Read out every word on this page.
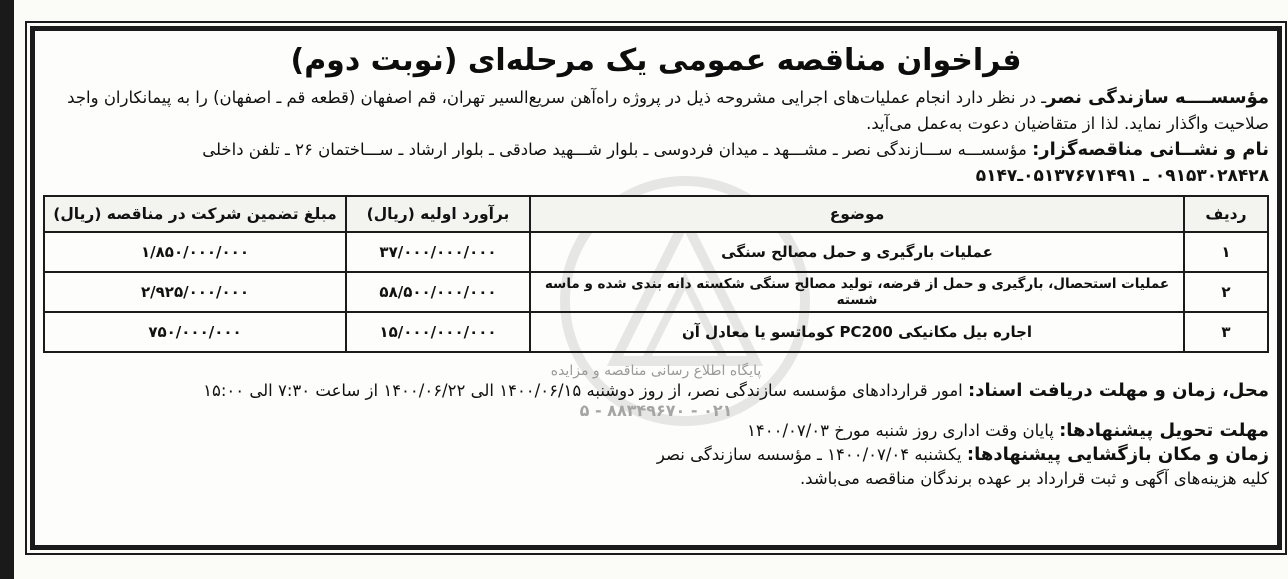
فراخوان مناقصه عمومی یک مرحله‌ای (نوبت دوم)

مؤسســــه سازندگی نصرـ در نظر دارد انجام عملیات‌های اجرایی مشروحه ذیل در پروژه راه‌آهن سریع‌السیر تهران، قم اصفهان (قطعه قم ـ اصفهان) را به پیمانکاران واجد صلاحیت واگذار نماید. لذا از متقاضیان دعوت به‌عمل می‌آید.

نام و نشــانی مناقصه‌گزار: مؤسســـه ســـازندگی نصر ـ مشـــهد ـ میدان فردوسی ـ بلوار شـــهید صادقی ـ بلوار ارشاد ـ ســـاختمان ۲۶ ـ تلفن داخلی

۰۹۱۵۳۰۲۸۴۲۸ ـ ۰۵۱۳۷۶۷۱۴۹۱ـ۵۱۴۷

ردیف	موضوع	برآورد اولیه (ریال)	مبلغ تضمین شرکت در مناقصه (ریال)
۱	عملیات بارگیری و حمل مصالح سنگی	۳۷/۰۰۰/۰۰۰/۰۰۰	۱/۸۵۰/۰۰۰/۰۰۰
۲	عملیات استحصال، بارگیری و حمل از قرضه، تولید مصالح سنگی شکسته دانه بندی شده و ماسه شسته	۵۸/۵۰۰/۰۰۰/۰۰۰	۲/۹۲۵/۰۰۰/۰۰۰
۳	اجاره بیل مکانیکی PC200 کوماتسو یا معادل آن	۱۵/۰۰۰/۰۰۰/۰۰۰	۷۵۰/۰۰۰/۰۰۰

پایگاه اطلاع رسانی مناقصه و مزایده
محل، زمان و مهلت دریافت اسناد: امور قراردادهای مؤسسه سازندگی نصر، از روز دوشنبه ۱۴۰۰/۰۶/۱۵ الی ۱۴۰۰/۰۶/۲۲ از ساعت ۷:۳۰ الی ۱۵:۰۰

۰۲۱ - ۸۸۳۴۹۶۷۰ - ۵

مهلت تحویل پیشنهادها: پایان وقت اداری روز شنبه مورخ ۱۴۰۰/۰۷/۰۳

زمان و مکان بازگشایی پیشنهادها: یکشنبه ۱۴۰۰/۰۷/۰۴ ـ مؤسسه سازندگی نصر

کلیه هزینه‌های آگهی و ثبت قرارداد بر عهده برندگان مناقصه می‌باشد.
